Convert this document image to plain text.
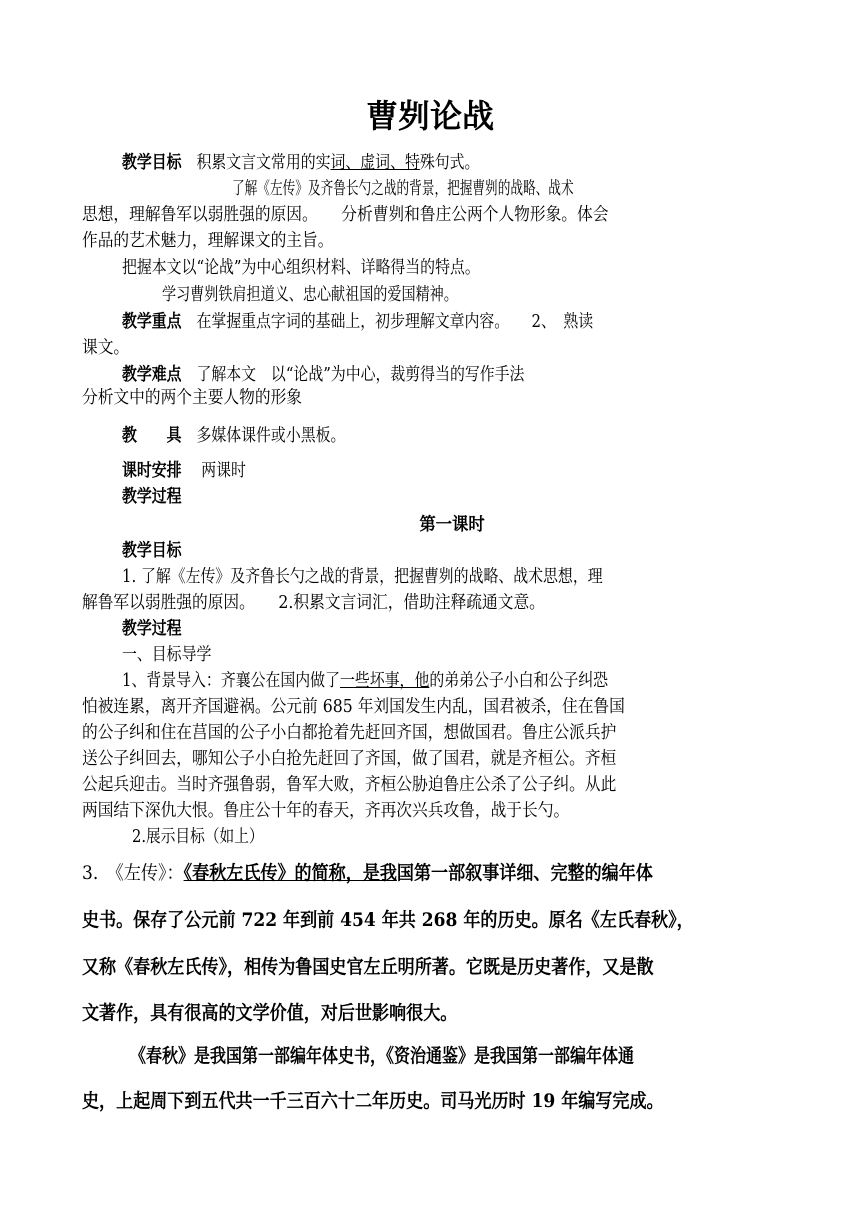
曹刿论战
教学目标　 积累文言文常用的实词、虚词、特殊句式。
了解《左传》及齐鲁长勺之战的背景，把握曹刿的战略、战术
思想，理解鲁军以弱胜强的原因。　　分析曹刿和鲁庄公两个人物形象。体会
作品的艺术魅力，理解课文的主旨。
把握本文以“论战”为中心组织材料、详略得当的特点。
学习曹刿铁肩担道义、忠心献祖国的爱国精神。
教学重点　 在掌握重点字词的基础上，初步理解文章内容。　　2、　熟读
课文。
教学难点　 了解本文　以“论战”为中心，裁剪得当的写作手法
分析文中的两个主要人物的形象
教　　具　 多媒体课件或小黑板。
课时安排　 两课时
教学过程
第一课时
教学目标
1. 了解《左传》及齐鲁长勺之战的背景，把握曹刿的战略、战术思想，理
解鲁军以弱胜强的原因。　　2.积累文言词汇，借助注释疏通文意。
教学过程
一、目标导学
1、背景导入：齐襄公在国内做了一些坏事，他的弟弟公子小白和公子纠恐
怕被连累，离开齐国避祸。公元前 685 年刘国发生内乱，国君被杀，住在鲁国
的公子纠和住在莒国的公子小白都抢着先赶回齐国，想做国君。鲁庄公派兵护
送公子纠回去，哪知公子小白抢先赶回了齐国，做了国君，就是齐桓公。齐桓
公起兵迎击。当时齐强鲁弱，鲁军大败，齐桓公胁迫鲁庄公杀了公子纠。从此
两国结下深仇大恨。鲁庄公十年的春天，齐再次兴兵攻鲁，战于长勺。
2.展示目标（如上）
3.　《左传》：《春秋左氏传》的简称，是我国第一部叙事详细、完整的编年体
史书。保存了公元前 722 年到前 454 年共 268 年的历史。原名《左氏春秋》，
又称《春秋左氏传》，相传为鲁国史官左丘明所著。它既是历史著作，又是散
文著作，具有很高的文学价值，对后世影响很大。
《春秋》是我国第一部编年体史书，《资治通鉴》是我国第一部编年体通
史，上起周下到五代共一千三百六十二年历史。司马光历时 19 年编写完成。
